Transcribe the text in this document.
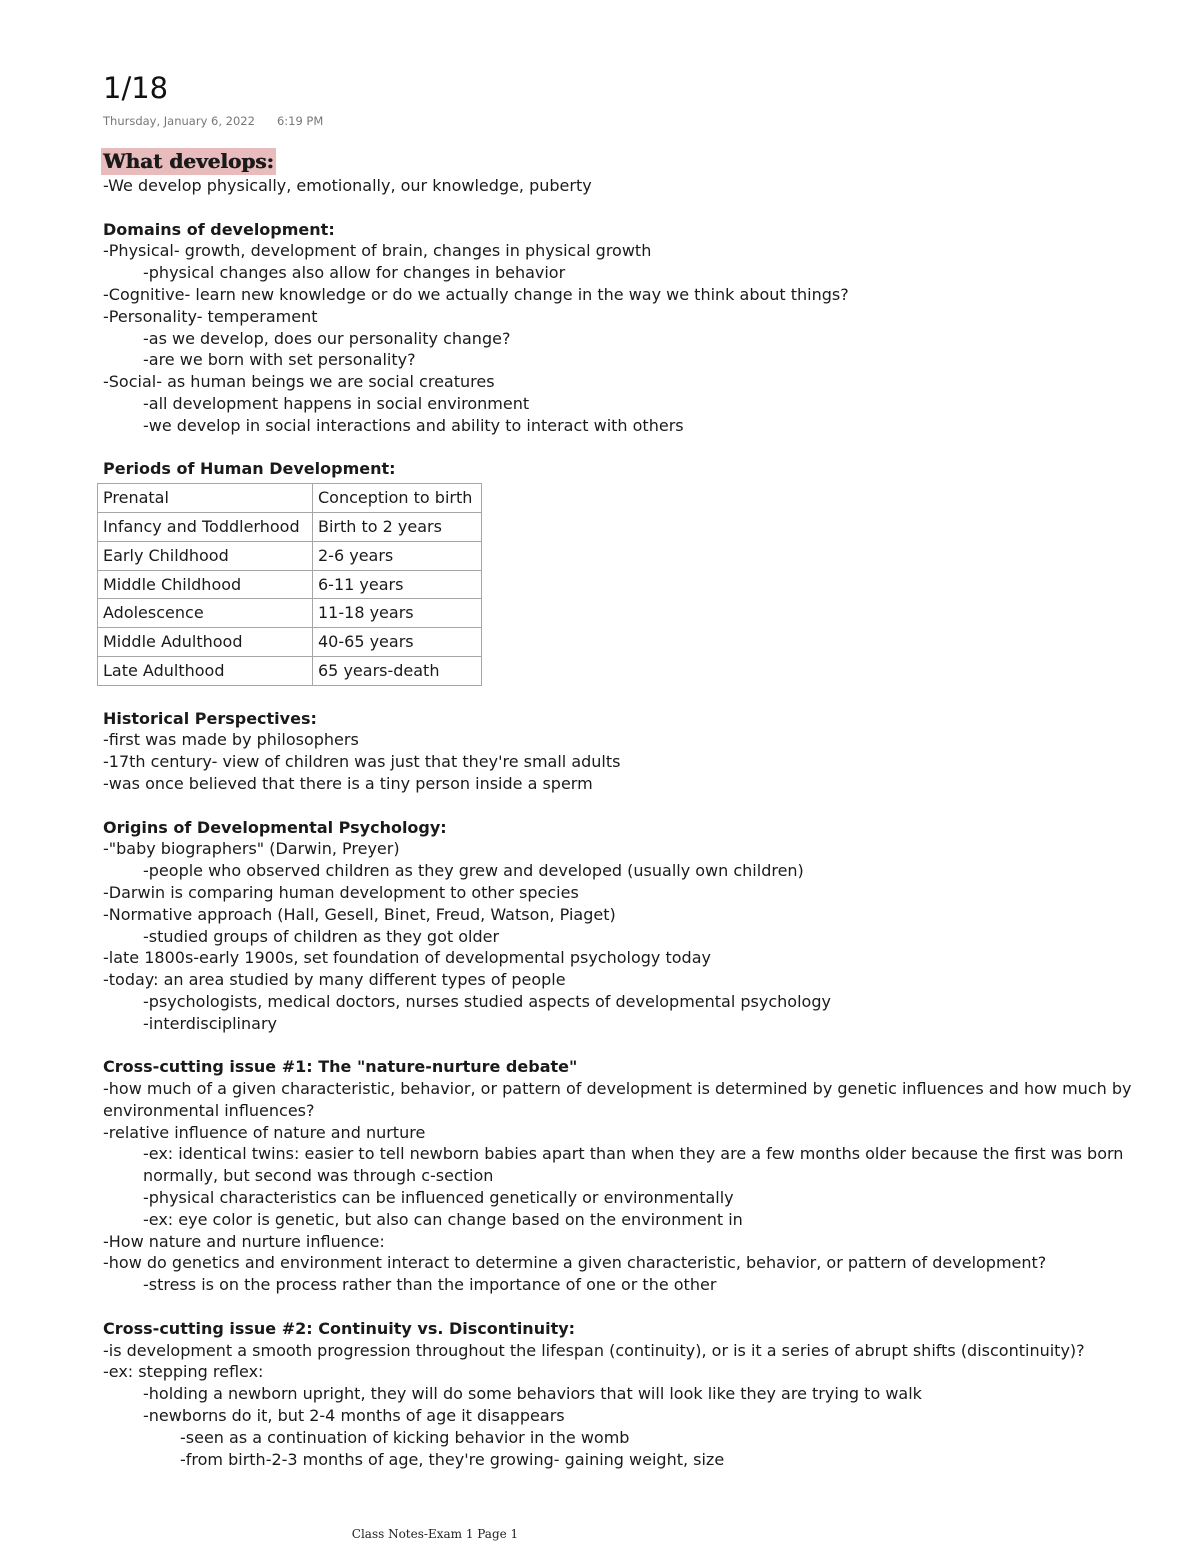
1/18
Thursday, January 6, 2022 6:19 PM
What develops:
-We develop physically, emotionally, our knowledge, puberty
Domains of development:
-Physical- growth, development of brain, changes in physical growth
-physical changes also allow for changes in behavior
-Cognitive- learn new knowledge or do we actually change in the way we think about things?
-Personality- temperament
-as we develop, does our personality change?
-are we born with set personality?
-Social- as human beings we are social creatures
-all development happens in social environment
-we develop in social interactions and ability to interact with others
Periods of Human Development:
Prenatal	Conception to birth
Infancy and Toddlerhood	Birth to 2 years
Early Childhood	2-6 years
Middle Childhood	6-11 years
Adolescence	11-18 years
Middle Adulthood	40-65 years
Late Adulthood	65 years-death
Historical Perspectives:
-first was made by philosophers
-17th century- view of children was just that they're small adults
-was once believed that there is a tiny person inside a sperm
Origins of Developmental Psychology:
-"baby biographers" (Darwin, Preyer)
-people who observed children as they grew and developed (usually own children)
-Darwin is comparing human development to other species
-Normative approach (Hall, Gesell, Binet, Freud, Watson, Piaget)
-studied groups of children as they got older
-late 1800s-early 1900s, set foundation of developmental psychology today
-today: an area studied by many different types of people
-psychologists, medical doctors, nurses studied aspects of developmental psychology
-interdisciplinary
Cross-cutting issue #1: The "nature-nurture debate"
-how much of a given characteristic, behavior, or pattern of development is determined by genetic influences and how much by environmental influences?
-relative influence of nature and nurture
-ex: identical twins: easier to tell newborn babies apart than when they are a few months older because the first was born normally, but second was through c-section
-physical characteristics can be influenced genetically or environmentally
-ex: eye color is genetic, but also can change based on the environment in
-How nature and nurture influence:
-how do genetics and environment interact to determine a given characteristic, behavior, or pattern of development?
-stress is on the process rather than the importance of one or the other
Cross-cutting issue #2: Continuity vs. Discontinuity:
-is development a smooth progression throughout the lifespan (continuity), or is it a series of abrupt shifts (discontinuity)?
-ex: stepping reflex:
-holding a newborn upright, they will do some behaviors that will look like they are trying to walk
-newborns do it, but 2-4 months of age it disappears
-seen as a continuation of kicking behavior in the womb
-from birth-2-3 months of age, they're growing- gaining weight, size
Class Notes-Exam 1 Page 1
